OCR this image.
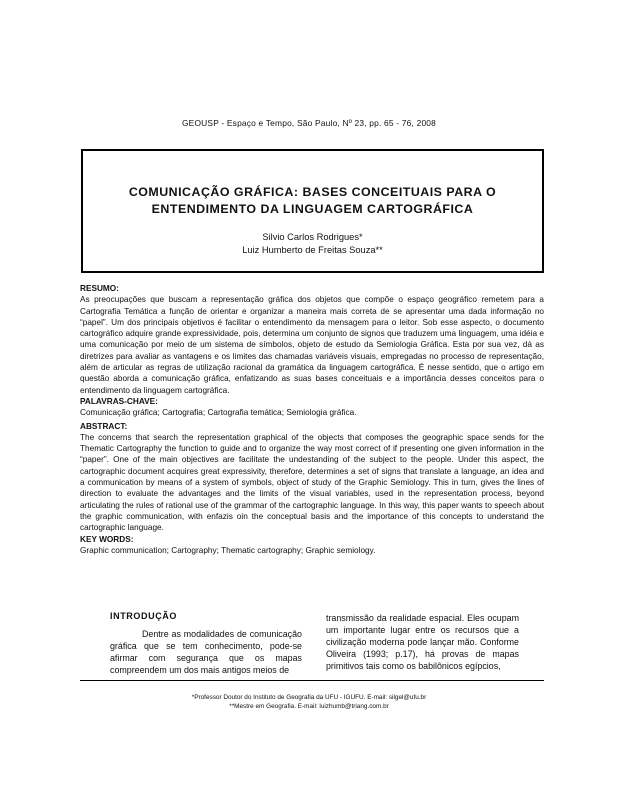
GEOUSP - Espaço e Tempo, São Paulo, Nº 23, pp. 65 - 76, 2008
COMUNICAÇÃO GRÁFICA: BASES CONCEITUAIS PARA O
ENTENDIMENTO DA LINGUAGEM CARTOGRÁFICA
Silvio Carlos Rodrigues*
Luiz Humberto de Freitas Souza**
RESUMO:
As preocupações que buscam a representação gráfica dos objetos que compõe o espaço geográfico remetem para a Cartografia Temática a função de orientar e organizar a maneira mais correta de se apresentar uma dada informação no “papel”. Um dos principais objetivos é facilitar o entendimento da mensagem para o leitor. Sob esse aspecto, o documento cartográfico adquire grande expressividade, pois, determina um conjunto de signos que traduzem uma linguagem, uma idéia e uma comunicação por meio de um sistema de símbolos, objeto de estudo da Semiologia Gráfica. Esta por sua vez, dá as diretrizes para avaliar as vantagens e os limites das chamadas variáveis visuais, empregadas no processo de representação, além de articular as regras de utilização racional da gramática da linguagem cartográfica. É nesse sentido, que o artigo em questão aborda a comunicação gráfica, enfatizando as suas bases conceituais e a importância desses conceitos para o entendimento da linguagem cartográfica.
PALAVRAS-CHAVE:
Comunicação gráfica; Cartografia; Cartografia temática; Semiologia gráfica.
ABSTRACT:
The concerns that search the representation graphical of the objects that composes the geographic space sends for the Thematic Cartography the function to guide and to organize the way most correct of if presenting one given information in the “paper”. One of the main objectives are facilitate the undestanding of the subject to the people. Under this aspect, the cartographic document acquires great expressivity, therefore, determines a set of signs that translate a language, an idea and a communication by means of a system of symbols, object of study of the Graphic Semiology. This in turn, gives the lines of direction to evaluate the advantages and the limits of the visual variables, used in the representation process, beyond articulating the rules of rational use of the grammar of the cartographic language. In this way, this paper wants to speech about the graphic communication, with enfazis oin the conceptual basis and the importance of this concepts to understand the cartographic language.
KEY WORDS:
Graphic communication; Cartography; Thematic cartography; Graphic semiology.
INTRODUÇÃO
Dentre as modalidades de comunicação gráfica que se tem conhecimento, pode-se afirmar com segurança que os mapas compreendem um dos mais antigos meios de
transmissão da realidade espacial. Eles ocupam um importante lugar entre os recursos que a civilização moderna pode lançar mão. Conforme Oliveira (1993; p.17), há provas de mapas primitivos tais como os babilônicos egípcios,
*Professor Doutor do Instituto de Geografia da UFU - IGUFU. E-mail: silgel@ufu.br
**Mestre em Geografia. E-mail: luizhumb@triang.com.br
